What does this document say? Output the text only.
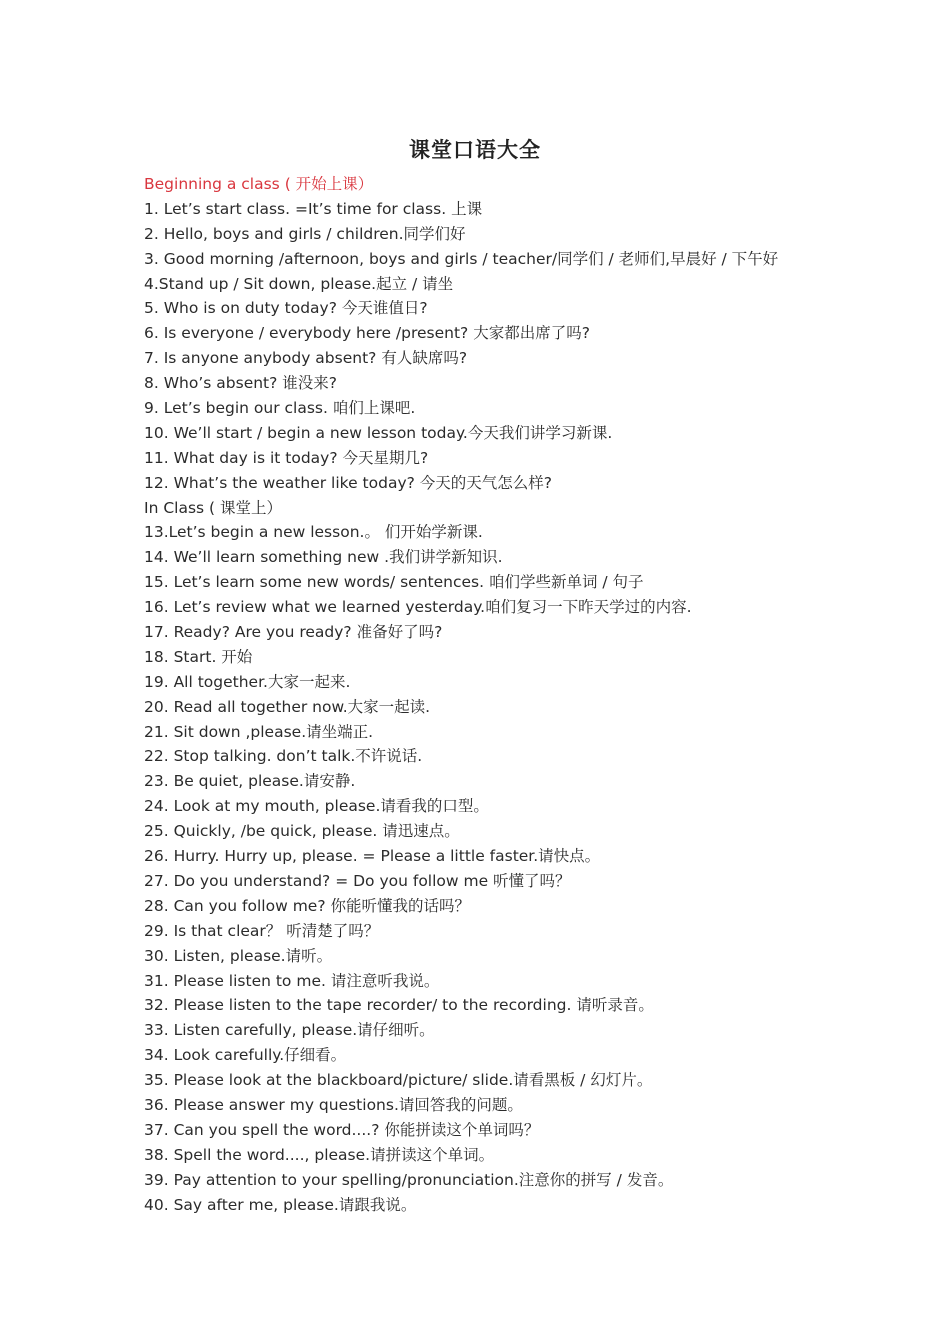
课堂口语大全
Beginning a class ( 开始上课）
1. Let’s start class. =It’s time for class. 上课
2. Hello, boys and girls / children.同学们好
3. Good morning /afternoon, boys and girls / teacher/同学们 / 老师们,早晨好 / 下午好
4.Stand up / Sit down, please.起立 / 请坐
5. Who is on duty today? 今天谁值日?
6. Is everyone / everybody here /present? 大家都出席了吗?
7. Is anyone anybody absent? 有人缺席吗?
8. Who’s absent? 谁没来?
9. Let’s begin our class. 咱们上课吧.
10. We’ll start / begin a new lesson today.今天我们讲学习新课.
11. What day is it today? 今天星期几?
12. What’s the weather like today? 今天的天气怎么样?
In Class ( 课堂上）
13.Let’s begin a new lesson.。 们开始学新课.
14. We’ll learn something new .我们讲学新知识.
15. Let’s learn some new words/ sentences. 咱们学些新单词 / 句子
16. Let’s review what we learned yesterday.咱们复习一下昨天学过的内容.
17. Ready? Are you ready? 准备好了吗?
18. Start. 开始
19. All together.大家一起来.
20. Read all together now.大家一起读.
21. Sit down ,please.请坐端正.
22. Stop talking. don’t talk.不许说话.
23. Be quiet, please.请安静.
24. Look at my mouth, please.请看我的口型。
25. Quickly, /be quick, please. 请迅速点。
26. Hurry. Hurry up, please. = Please a little faster.请快点。
27. Do you understand? = Do you follow me 听懂了吗？
28. Can you follow me? 你能听懂我的话吗？
29. Is that clear？ 听清楚了吗？
30. Listen, please.请听。
31. Please listen to me. 请注意听我说。
32. Please listen to the tape recorder/ to the recording. 请听录音。
33. Listen carefully, please.请仔细听。
34. Look carefully.仔细看。
35. Please look at the blackboard/picture/ slide.请看黑板 / 幻灯片。
36. Please answer my questions.请回答我的问题。
37. Can you spell the word....? 你能拼读这个单词吗？
38. Spell the word...., please.请拼读这个单词。
39. Pay attention to your spelling/pronunciation.注意你的拼写 / 发音。
40. Say after me, please.请跟我说。
